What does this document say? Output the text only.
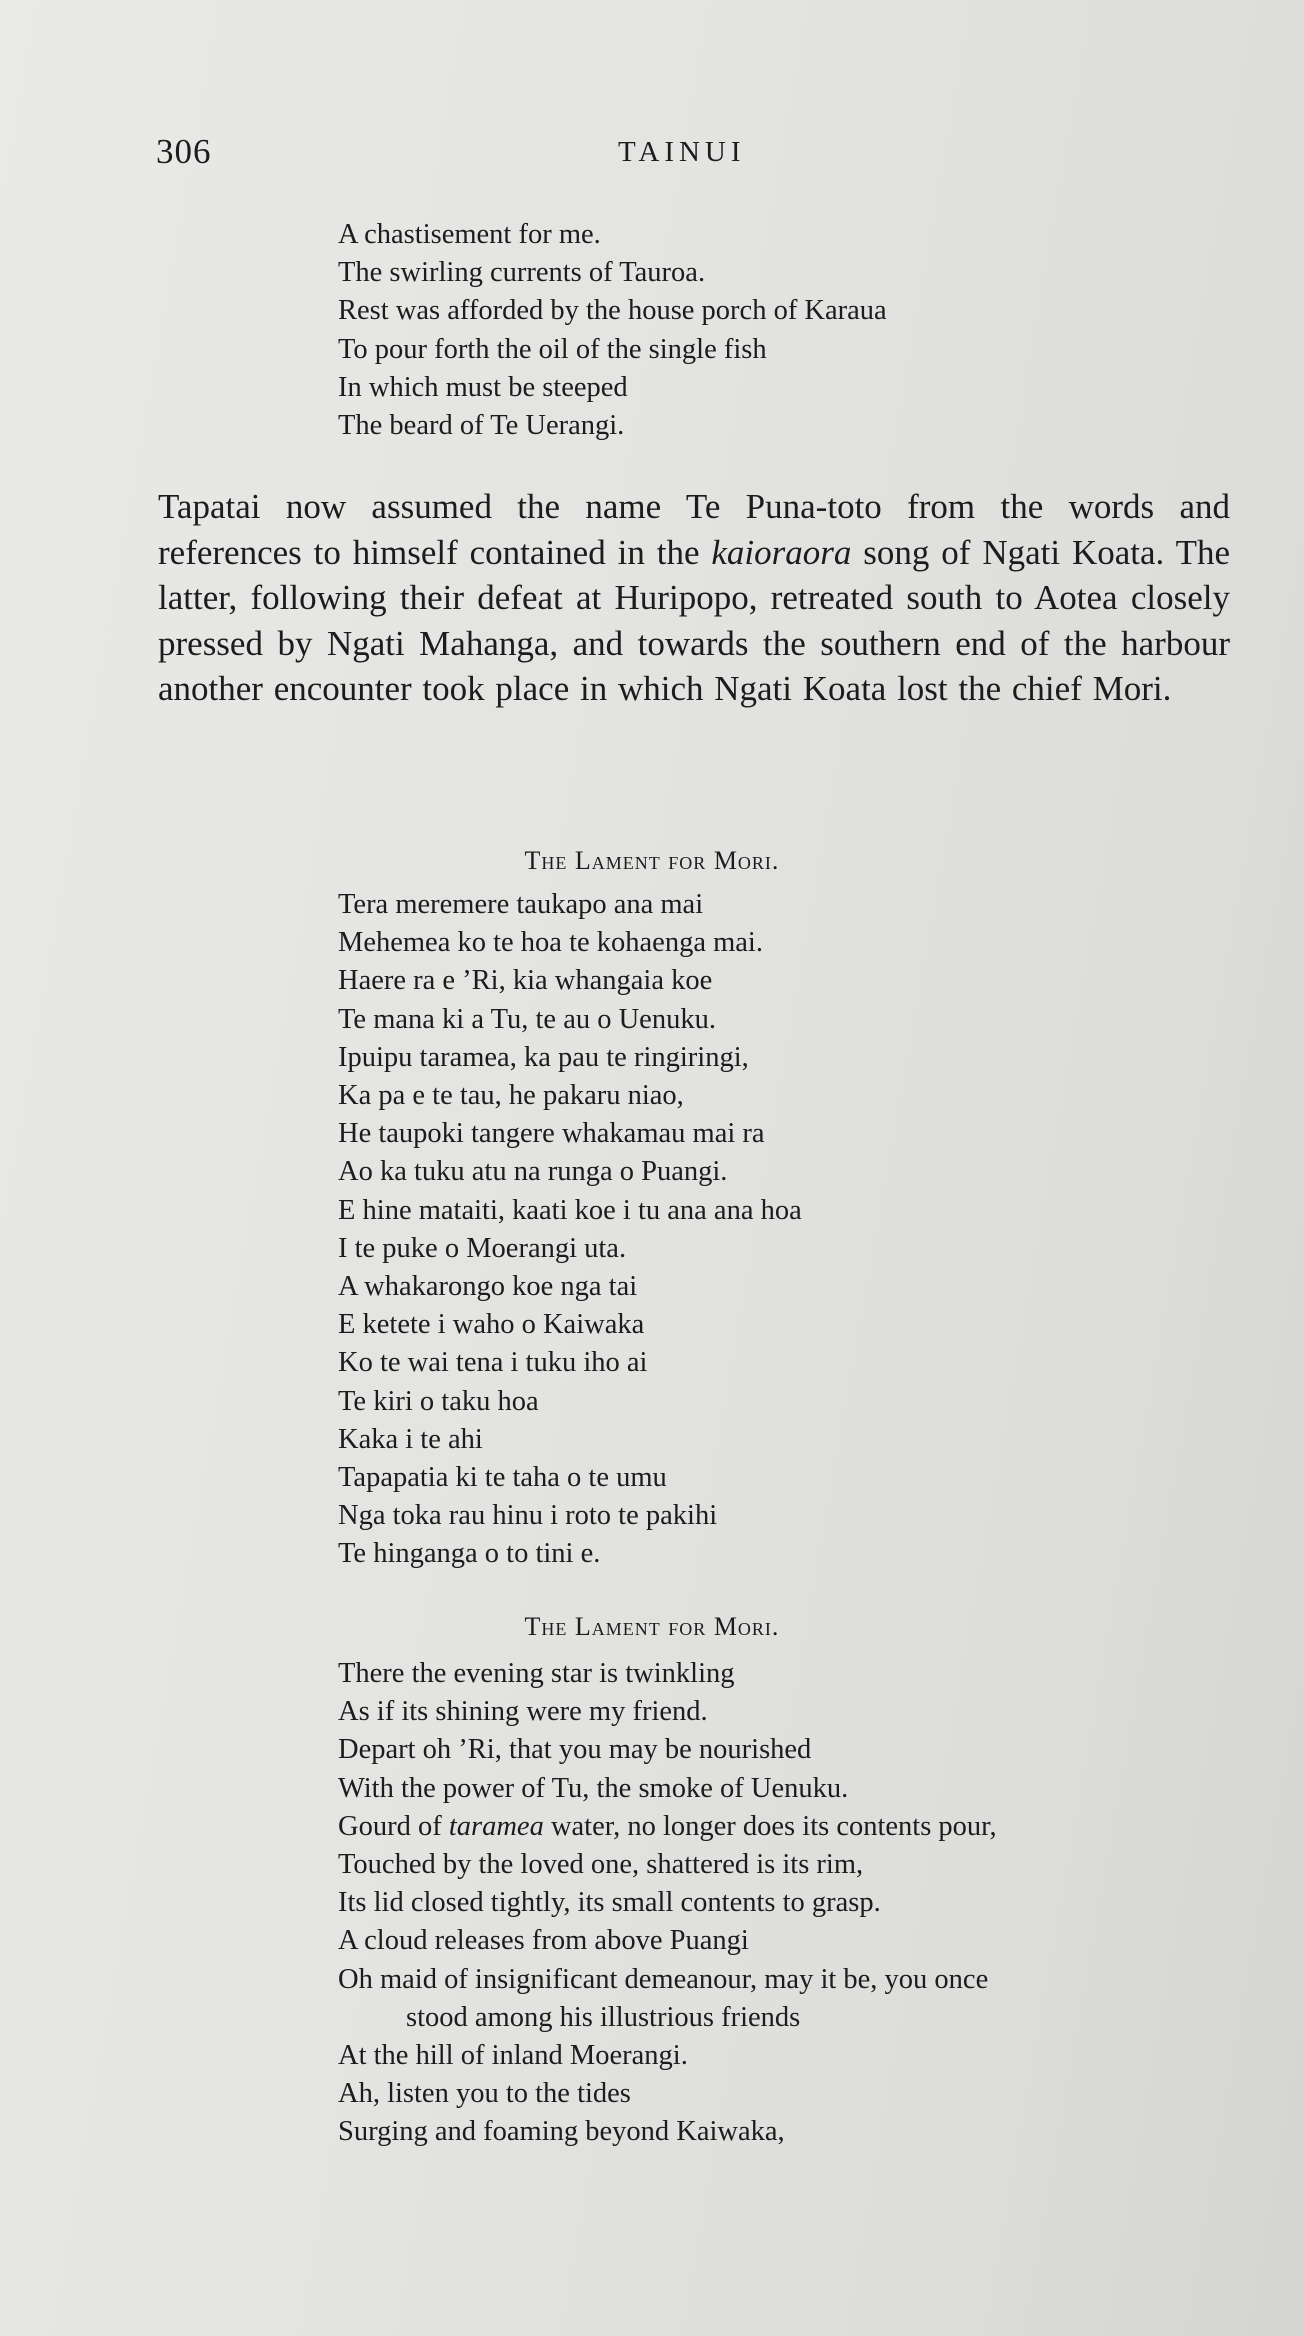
306	TAINUI
A chastisement for me.
The swirling currents of Tauroa.
Rest was afforded by the house porch of Karaua
To pour forth the oil of the single fish
In which must be steeped
The beard of Te Uerangi.

Tapatai now assumed the name Te Puna-toto from the words and references to himself contained in the kaioraora song of Ngati Koata. The latter, following their defeat at Huripopo, retreated south to Aotea closely pressed by Ngati Mahanga, and towards the southern end of the harbour another encounter took place in which Ngati Koata lost the chief Mori.

The Lament for Mori.
Tera meremere taukapo ana mai
Mehemea ko te hoa te kohaenga mai.
Haere ra e ’Ri, kia whangaia koe
Te mana ki a Tu, te au o Uenuku.
Ipuipu taramea, ka pau te ringiringi,
Ka pa e te tau, he pakaru niao,
He taupoki tangere whakamau mai ra
Ao ka tuku atu na runga o Puangi.
E hine mataiti, kaati koe i tu ana ana hoa
I te puke o Moerangi uta.
A whakarongo koe nga tai
E ketete i waho o Kaiwaka
Ko te wai tena i tuku iho ai
Te kiri o taku hoa
Kaka i te ahi
Tapapatia ki te taha o te umu
Nga toka rau hinu i roto te pakihi
Te hinganga o to tini e.
The Lament for Mori.
There the evening star is twinkling
As if its shining were my friend.
Depart oh ’Ri, that you may be nourished
With the power of Tu, the smoke of Uenuku.
Gourd of taramea water, no longer does its contents pour,
Touched by the loved one, shattered is its rim,
Its lid closed tightly, its small contents to grasp.
A cloud releases from above Puangi
Oh maid of insignificant demeanour, may it be, you once
stood among his illustrious friends
At the hill of inland Moerangi.
Ah, listen you to the tides
Surging and foaming beyond Kaiwaka,
